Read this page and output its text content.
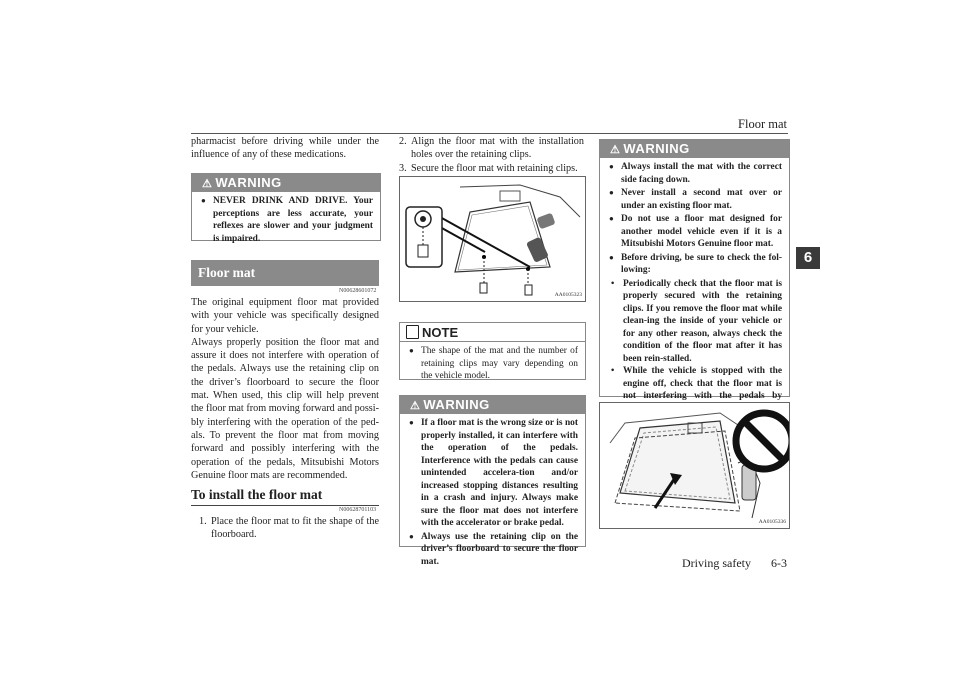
Floor mat
6

pharmacist before driving while under the influence of any of these medications.

⚠ WARNING
● NEVER DRINK AND DRIVE. Your perceptions are less accurate, your reflexes are slower and your judgment is impaired.
Floor mat
N00628601072

The original equipment floor mat provided with your vehicle was specifically designed for your vehicle.

Always properly position the floor mat and assure it does not interfere with operation of the pedals. Always use the retaining clip on the driver’s floorboard to secure the floor mat. When used, this clip will help prevent the floor mat from moving forward and possi-bly interfering with the operation of the ped-als. To prevent the floor mat from moving forward and possibly interfering with the operation of the pedals, Mitsubishi Motors Genuine floor mats are recommended.

To install the floor mat
N00628701103
1. Place the floor mat to fit the shape of the floorboard.
2. Align the floor mat with the installation holes over the retaining clips.
3. Secure the floor mat with retaining clips.
AA0105323
NOTE
● The shape of the mat and the number of retaining clips may vary depending on the vehicle model.
⚠ WARNING
● If a floor mat is the wrong size or is not properly installed, it can interfere with the operation of the pedals. Interference with the pedals can cause unintended accelera-tion and/or increased stopping distances resulting in a crash and injury. Always make sure the floor mat does not interfere with the accelerator or brake pedal.
● Always use the retaining clip on the driver’s floorboard to secure the floor mat.
⚠ WARNING
● Always install the mat with the correct side facing down.
● Never install a second mat over or under an existing floor mat.
● Do not use a floor mat designed for another model vehicle even if it is a Mitsubishi Motors Genuine floor mat.
● Before driving, be sure to check the fol-lowing:
• Periodically check that the floor mat is properly secured with the retaining clips. If you remove the floor mat while clean-ing the inside of your vehicle or for any other reason, always check the condition of the floor mat after it has been rein-stalled.
• While the vehicle is stopped with the engine off, check that the floor mat is not interfering with the pedals by
AA0105336
Driving safety 6-3
